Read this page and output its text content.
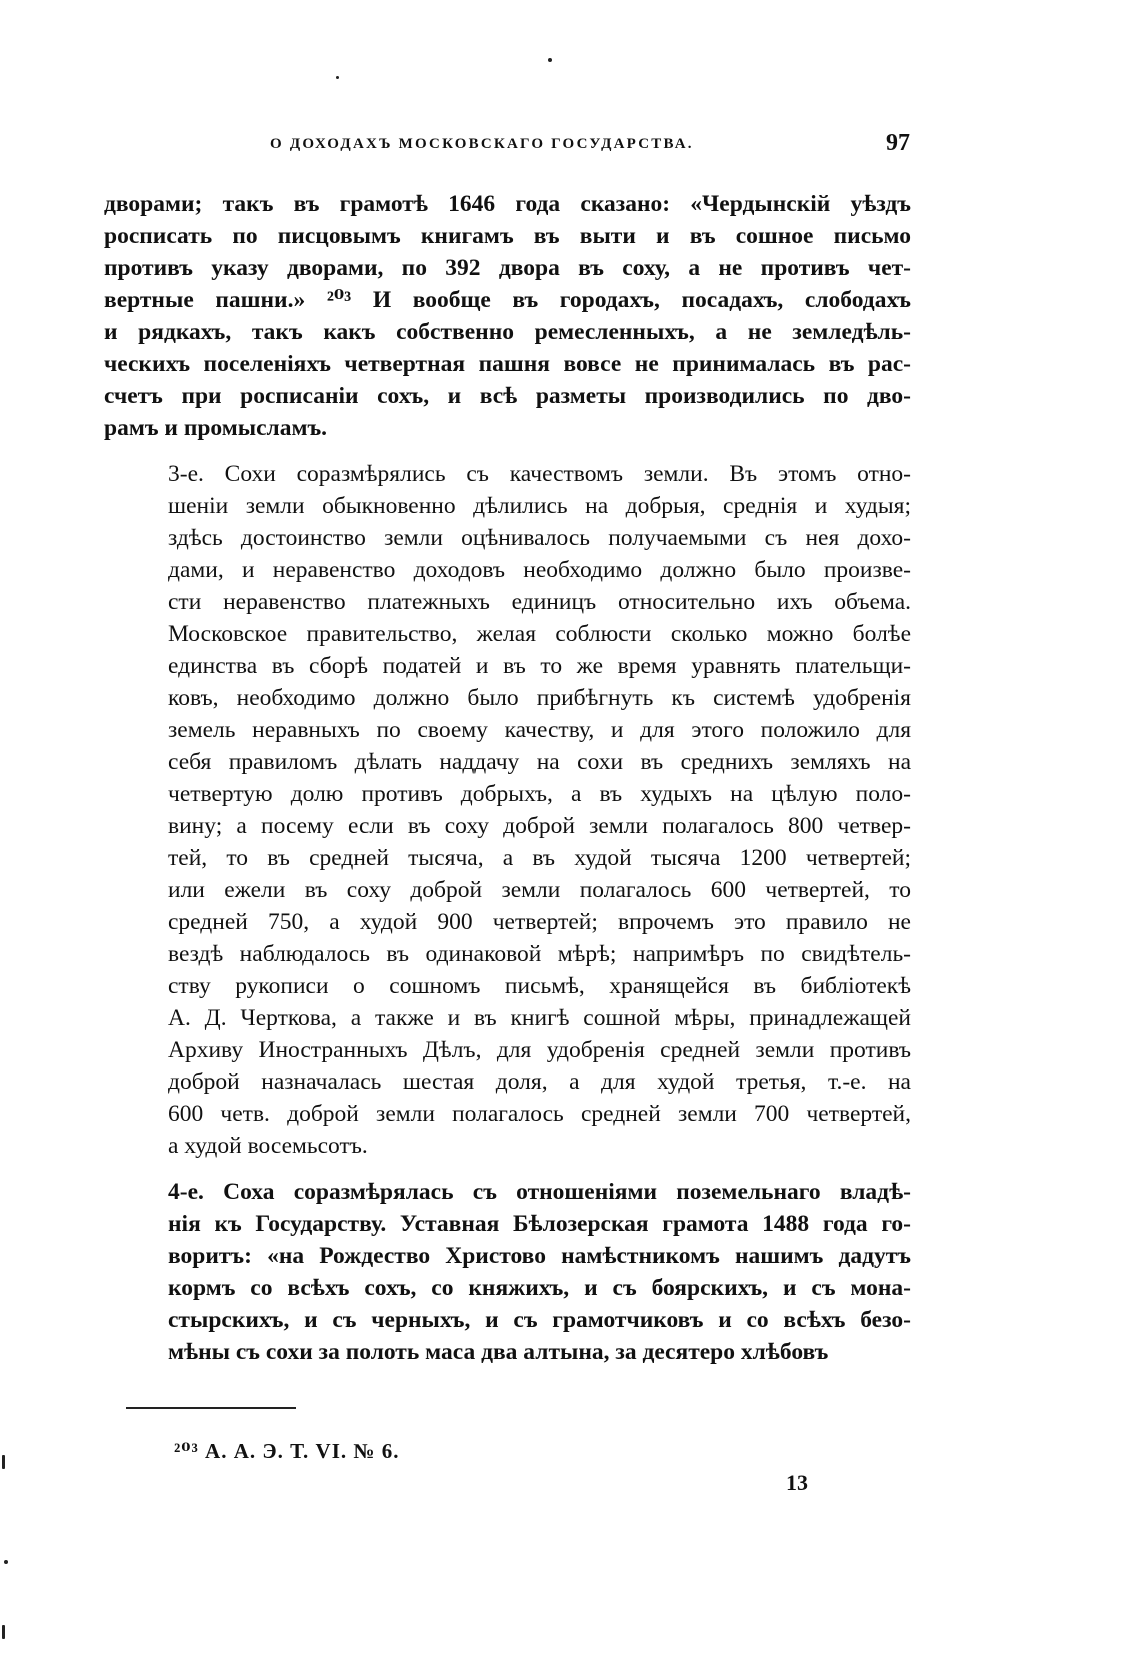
О ДОХОДАХЪ МОСКОВСКАГО ГОСУДАРСТВА.	97

дворами; такъ въ грамотѣ 1646 года сказано: «Чердынскій уѣздъ
росписать по писцовымъ книгамъ въ выти и въ сошное письмо
противъ указу дворами, по 392 двора въ соху, а не противъ чет-
вертные пашни.» ²⁰³ И вообще въ городахъ, посадахъ, слободахъ
и рядкахъ, такъ какъ собственно ремесленныхъ, а не земледѣль-
ческихъ поселеніяхъ четвертная пашня вовсе не принималась въ рас-
счетъ при росписаніи сохъ, и всѣ разметы производились по дво-
рамъ и промысламъ.

3-е. Сохи соразмѣрялись съ качествомъ земли. Въ этомъ отно-
шеніи земли обыкновенно дѣлились на добрыя, среднія и худыя;
здѣсь достоинство земли оцѣнивалось получаемыми съ нея дохо-
дами, и неравенство доходовъ необходимо должно было произве-
сти неравенство платежныхъ единицъ относительно ихъ объема.
Московское правительство, желая соблюсти сколько можно болѣе
единства въ сборѣ податей и въ то же время уравнять плательщи-
ковъ, необходимо должно было прибѣгнуть къ системѣ удобренія
земель неравныхъ по своему качеству, и для этого положило для
себя правиломъ дѣлать наддачу на сохи въ среднихъ земляхъ на
четвертую долю противъ добрыхъ, а въ худыхъ на цѣлую поло-
вину; а посему если въ соху доброй земли полагалось 800 четвер-
тей, то въ средней тысяча, а въ худой тысяча 1200 четвертей;
или ежели въ соху доброй земли полагалось 600 четвертей, то
средней 750, а худой 900 четвертей; впрочемъ это правило не
вездѣ наблюдалось въ одинаковой мѣрѣ; напримѣръ по свидѣтель-
ству рукописи о сошномъ письмѣ, хранящейся въ библіотекѣ
А. Д. Черткова, а также и въ книгѣ сошной мѣры, принадлежащей
Архиву Иностранныхъ Дѣлъ, для удобренія средней земли противъ
доброй назначалась шестая доля, а для худой третья, т.-е. на
600 четв. доброй земли полагалось средней земли 700 четвертей,
а худой восемьсотъ.

4-е. Соха соразмѣрялась съ отношеніями поземельнаго владѣ-
нія къ Государству. Уставная Бѣлозерская грамота 1488 года го-
воритъ: «на Рождество Христово намѣстникомъ нашимъ дадутъ
кормъ со всѣхъ сохъ, со княжихъ, и съ боярскихъ, и съ мона-
стырскихъ, и съ черныхъ, и съ грамотчиковъ и со всѣхъ безо-
мѣны съ сохи за полоть маса два алтына, за десятеро хлѣбовъ

²⁰³ А. А. Э. Т. VI. № 6.
13
